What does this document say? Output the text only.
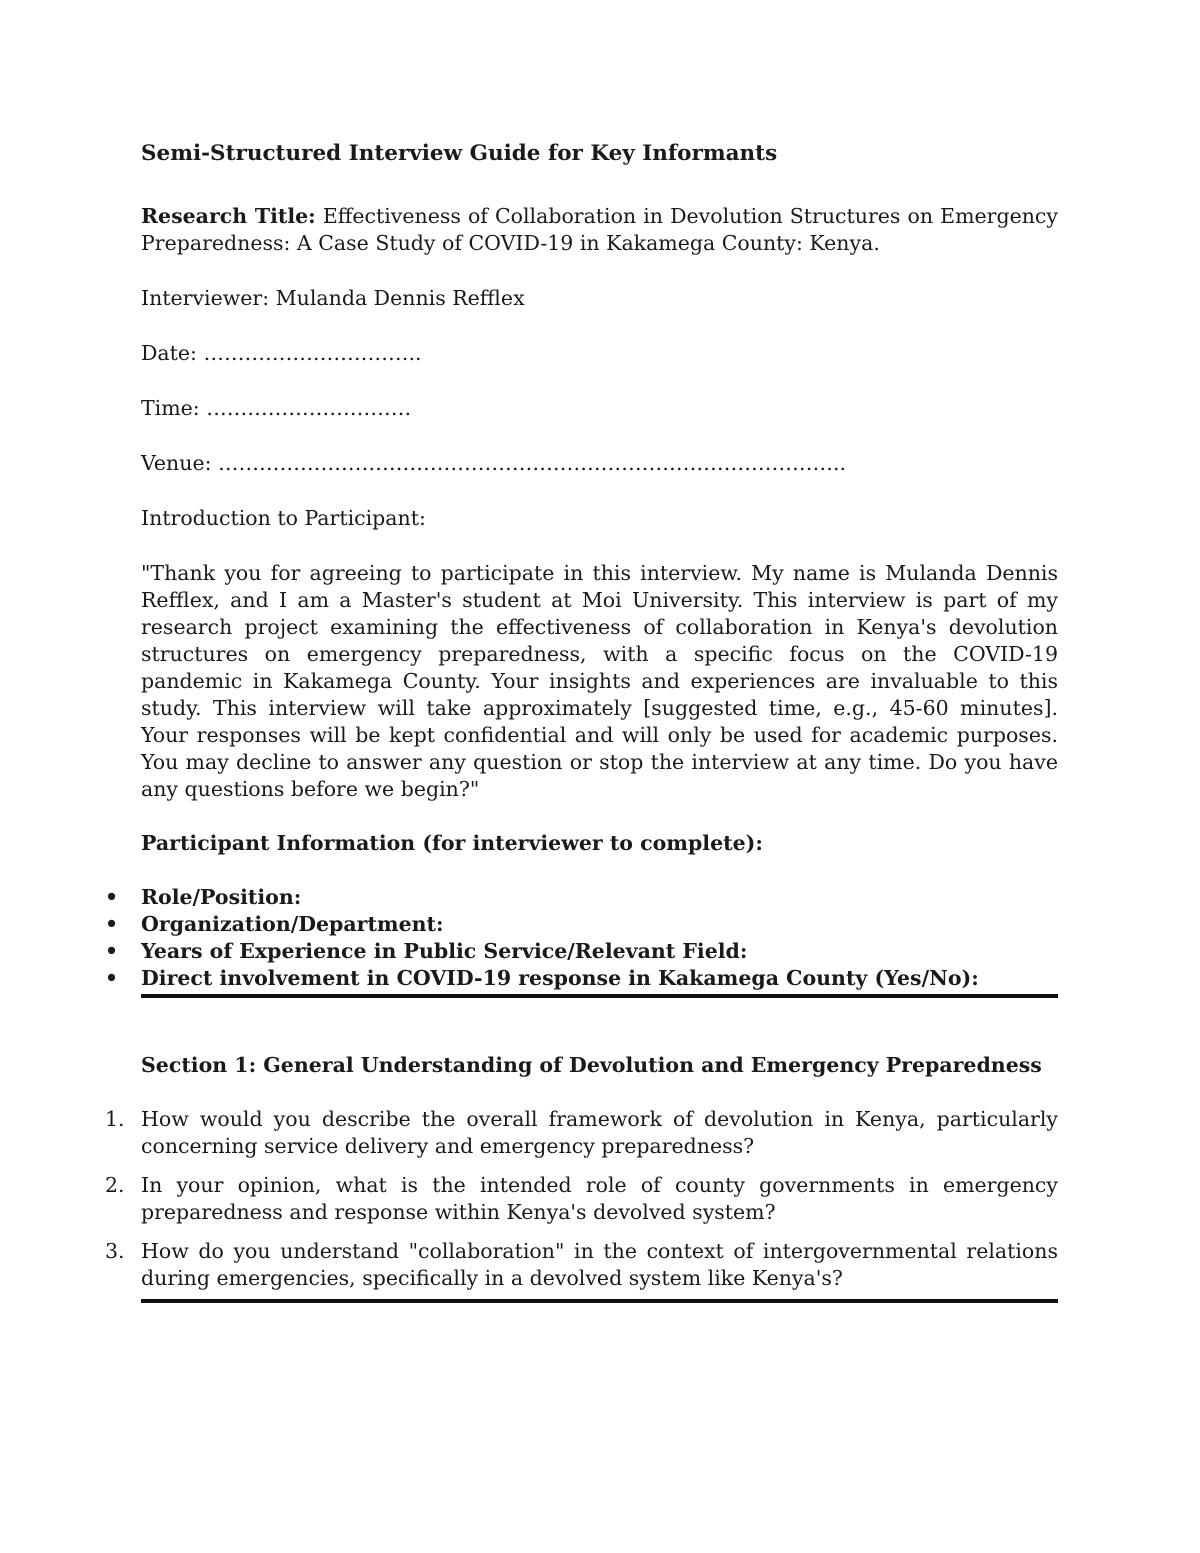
Semi-Structured Interview Guide for Key Informants

Research Title: Effectiveness of Collaboration in Devolution Structures on Emergency Preparedness: A Case Study of COVID-19 in Kakamega County: Kenya.

Interviewer: Mulanda Dennis Refflex

Date: …………………………..

Time: …………………………

Venue: ………………………………………………………………………………..

Introduction to Participant:

"Thank you for agreeing to participate in this interview. My name is Mulanda Dennis Refflex, and I am a Master's student at Moi University. This interview is part of my research project examining the effectiveness of collaboration in Kenya's devolution structures on emergency preparedness, with a specific focus on the COVID-19 pandemic in Kakamega County. Your insights and experiences are invaluable to this study. This interview will take approximately [suggested time, e.g., 45-60 minutes]. Your responses will be kept confidential and will only be used for academic purposes. You may decline to answer any question or stop the interview at any time. Do you have any questions before we begin?"

Participant Information (for interviewer to complete):

• Role/Position:
• Organization/Department:
• Years of Experience in Public Service/Relevant Field:
• Direct involvement in COVID-19 response in Kakamega County (Yes/No):

Section 1: General Understanding of Devolution and Emergency Preparedness

1. How would you describe the overall framework of devolution in Kenya, particularly concerning service delivery and emergency preparedness?
2. In your opinion, what is the intended role of county governments in emergency preparedness and response within Kenya's devolved system?
3. How do you understand "collaboration" in the context of intergovernmental relations during emergencies, specifically in a devolved system like Kenya's?
